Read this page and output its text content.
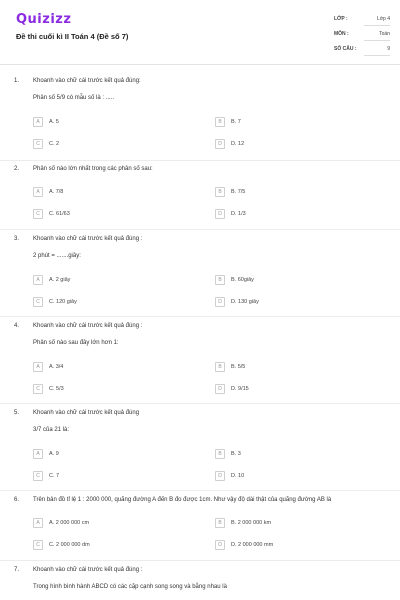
Quizizz
Đề thi cuối kì II Toán 4 (Đề số 7)
LỚP :	Lớp 4
MÔN :	Toán
SỐ CÂU :	9
1. Khoanh vào chữ cái trước kết quả đúng:
Phân số 5/9 có mẫu số là : .....
A	A. 5	B	B. 7
C	C. 2	D	D. 12
2. Phân số nào lớn nhất trong các phân số sau:
A	A. 7/8	B	B. 7/5
C	C. 61/63	D	D. 1/3
3. Khoanh vào chữ cái trước kết quả đúng :
2 phút = .......giây:
A	A. 2 giây	B	B. 60giây
C	C. 120 giây	D	D. 130 giây
4. Khoanh vào chữ cái trước kết quả đúng :
Phân số nào sau đây lớn hơn 1:
A	A. 3/4	B	B. 5/5
C	C. 5/3	D	D. 9/15
5. Khoanh vào chữ cái trước kết quả đúng
3/7 của 21 là:
A	A. 9	B	B. 3
C	C. 7	D	D. 10
6. Trên bản đồ tỉ lệ 1 : 2000 000, quãng đường A đến B đo được 1cm. Như vậy độ dài thật của quãng đường AB là
A	A. 2 000 000 cm	B	B. 2 000 000 km
C	C. 2 000 000 dm	D	D. 2 000 000 mm
7. Khoanh vào chữ cái trước kết quả đúng :
Trong hình bình hành ABCD có các cặp cạnh song song và bằng nhau là
